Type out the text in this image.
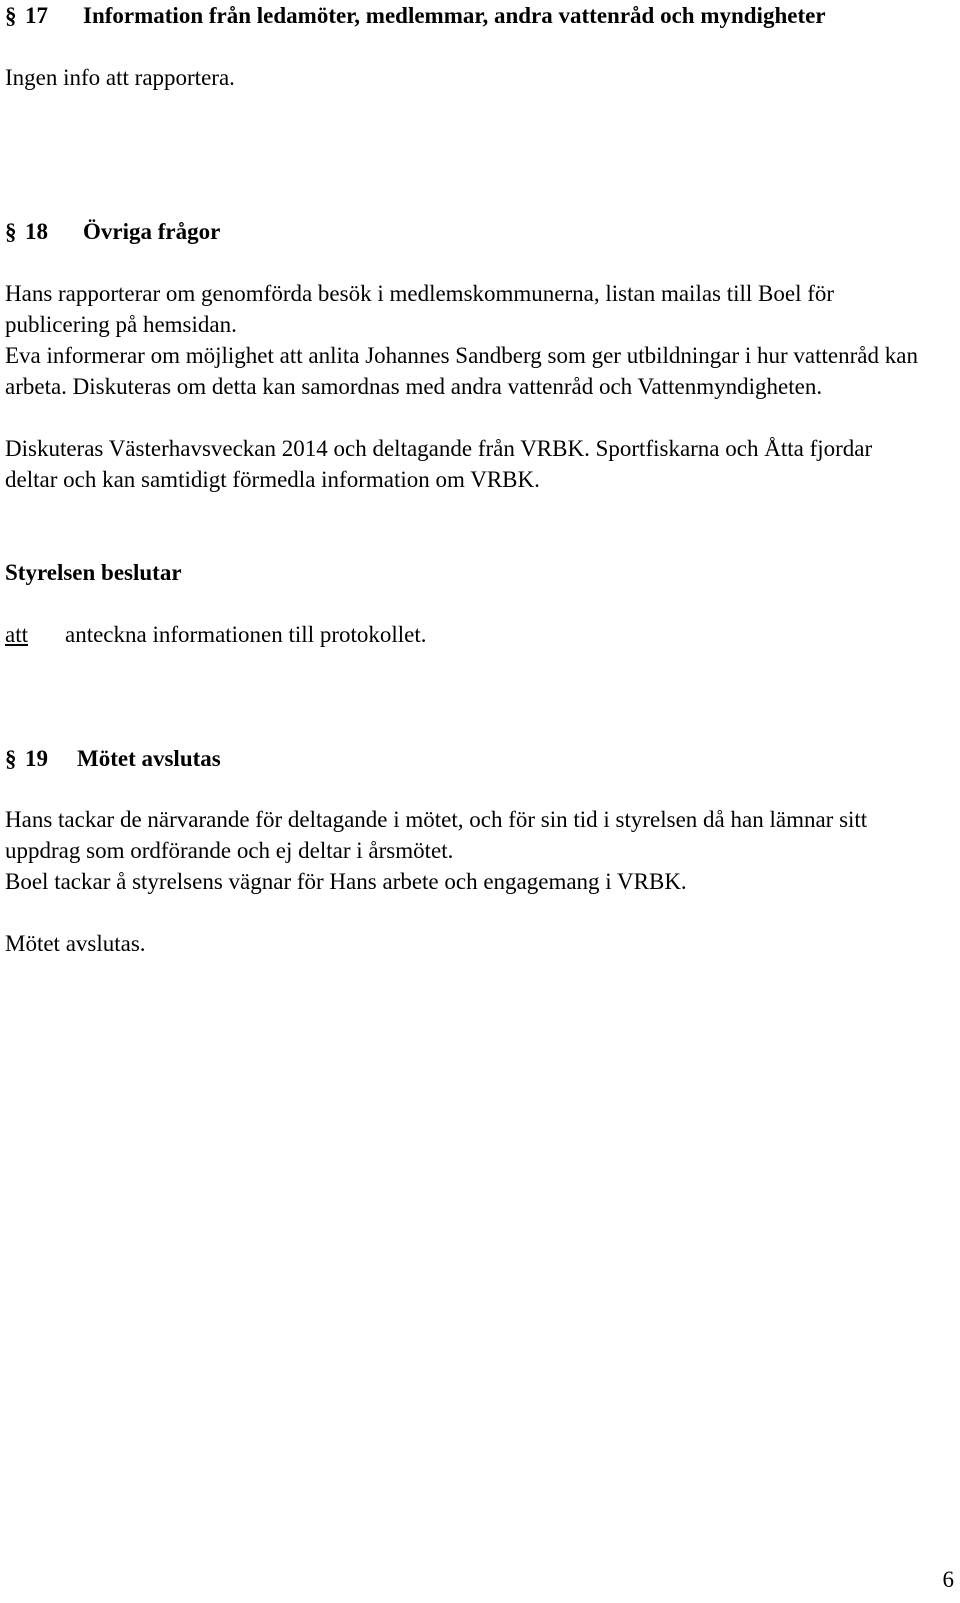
§ 17	Information från ledamöter, medlemmar, andra vattenråd och myndigheter

Ingen info att rapportera.

§ 18	Övriga frågor

Hans rapporterar om genomförda besök i medlemskommunerna, listan mailas till Boel för publicering på hemsidan.

Eva informerar om möjlighet att anlita Johannes Sandberg som ger utbildningar i hur vattenråd kan arbeta. Diskuteras om detta kan samordnas med andra vattenråd och Vattenmyndigheten.

Diskuteras Västerhavsveckan 2014 och deltagande från VRBK. Sportfiskarna och Åtta fjordar deltar och kan samtidigt förmedla information om VRBK.

Styrelsen beslutar
att	anteckna informationen till protokollet.
§ 19	Mötet avslutas

Hans tackar de närvarande för deltagande i mötet, och för sin tid i styrelsen då han lämnar sitt uppdrag som ordförande och ej deltar i årsmötet.

Boel tackar å styrelsens vägnar för Hans arbete och engagemang i VRBK.

Mötet avslutas.

6
